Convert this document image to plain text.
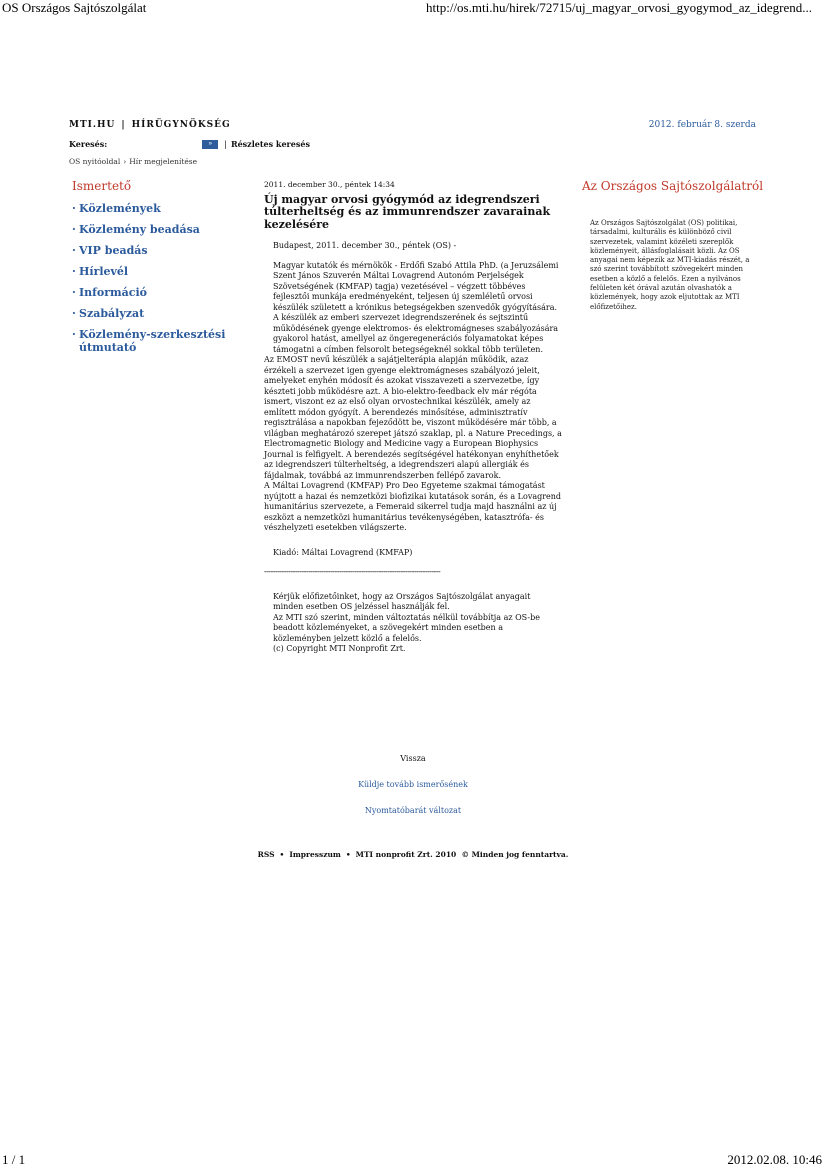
OS Országos Sajtószolgálat	http://os.mti.hu/hirek/72715/uj_magyar_orvosi_gyogymod_az_idegrend...
1 / 1	2012.02.08. 10:46
MTI.HU | HÍRÜGYNÖKSÉG	2012. február 8. szerda
Keresés:	»	| Részletes keresés
OS nyitóoldal › Hír megjelenítése
Ismertető
· Közlemények
· Közlemény beadása
· VIP beadás
· Hírlevél
· Információ
· Szabályzat
· Közlemény-szerkesztési útmutató
2011. december 30., péntek 14:34
Új magyar orvosi gyógymód az idegrendszeri túlterheltség és az immunrendszer zavarainak kezelésére

Budapest, 2011. december 30., péntek (OS) -

Magyar kutatók és mérnökök - Erdőfi Szabó Attila PhD. (a Jeruzsálemi Szent János Szuverén Máltai Lovagrend Autonóm Perjelségek Szövetségének (KMFAP) tagja) vezetésével – végzett többéves fejlesztői munkája eredményeként, teljesen új szemléletű orvosi készülék született a krónikus betegségekben szenvedők gyógyítására. A készülék az emberi szervezet idegrendszerének és sejtszintű működésének gyenge elektromos- és elektromágneses szabályozására gyakorol hatást, amellyel az öngeregenerációs folyamatokat képes támogatni a címben felsorolt betegségeknél sokkal több területen.

Az EMOST nevű készülék a sajátjelterápia alapján működik, azaz érzékeli a szervezet igen gyenge elektromágneses szabályozó jeleit, amelyeket enyhén módosít és azokat visszavezeti a szervezetbe, így készteti jobb működésre azt. A bio-elektro-feedback elv már régóta ismert, viszont ez az első olyan orvostechnikai készülék, amely az említett módon gyógyít. A berendezés minősítése, adminisztratív regisztrálása a napokban fejeződött be, viszont működésére már több, a világban meghatározó szerepet játszó szaklap, pl. a Nature Precedings, a Electromagnetic Biology and Medicine vagy a European Biophysics Journal is felfigyelt. A berendezés segítségével hatékonyan enyhíthetőek az idegrendszeri túlterheltség, a idegrendszeri alapú allergiák és fájdalmak, továbbá az immunrendszerben fellépő zavarok.

A Máltai Lovagrend (KMFAP) Pro Deo Egyeteme szakmai támogatást nyújtott a hazai és nemzetközi biofizikai kutatások során, és a Lovagrend humanitárius szervezete, a Femeraid sikerrel tudja majd használni az új eszközt a nemzetközi humanitárius tevékenységében, katasztrófa- és vészhelyzeti esetekben világszerte.

Kiadó: Máltai Lovagrend (KMFAP)

--------------------------------------------------------------------------------

Kérjük előfizetőinket, hogy az Országos Sajtószolgálat anyagait minden esetben OS jelzéssel használják fel.

Az MTI szó szerint, minden változtatás nélkül továbbítja az OS-be beadott közleményeket, a szövegekért minden esetben a közleményben jelzett közlő a felelős.

(c) Copyright MTI Nonprofit Zrt.

Vissza
Küldje tovább ismerősének
Nyomtatóbarát változat
RSS • Impresszum • MTI nonprofit Zrt. 2010 © Minden jog fenntartva.
Az Országos Sajtószolgálatról
Az Országos Sajtószolgálat (OS) politikai, társadalmi, kulturális és különböző civil szervezetek, valamint közéleti szereplők közleményeit, állásfoglalásait közli. Az OS anyagai nem képezik az MTI-kiadás részét, a szó szerint továbbított szövegekért minden esetben a közlő a felelős. Ezen a nyilvános felületen két órával azután olvashatók a közlemények, hogy azok eljutottak az MTI előfizetőihez.
